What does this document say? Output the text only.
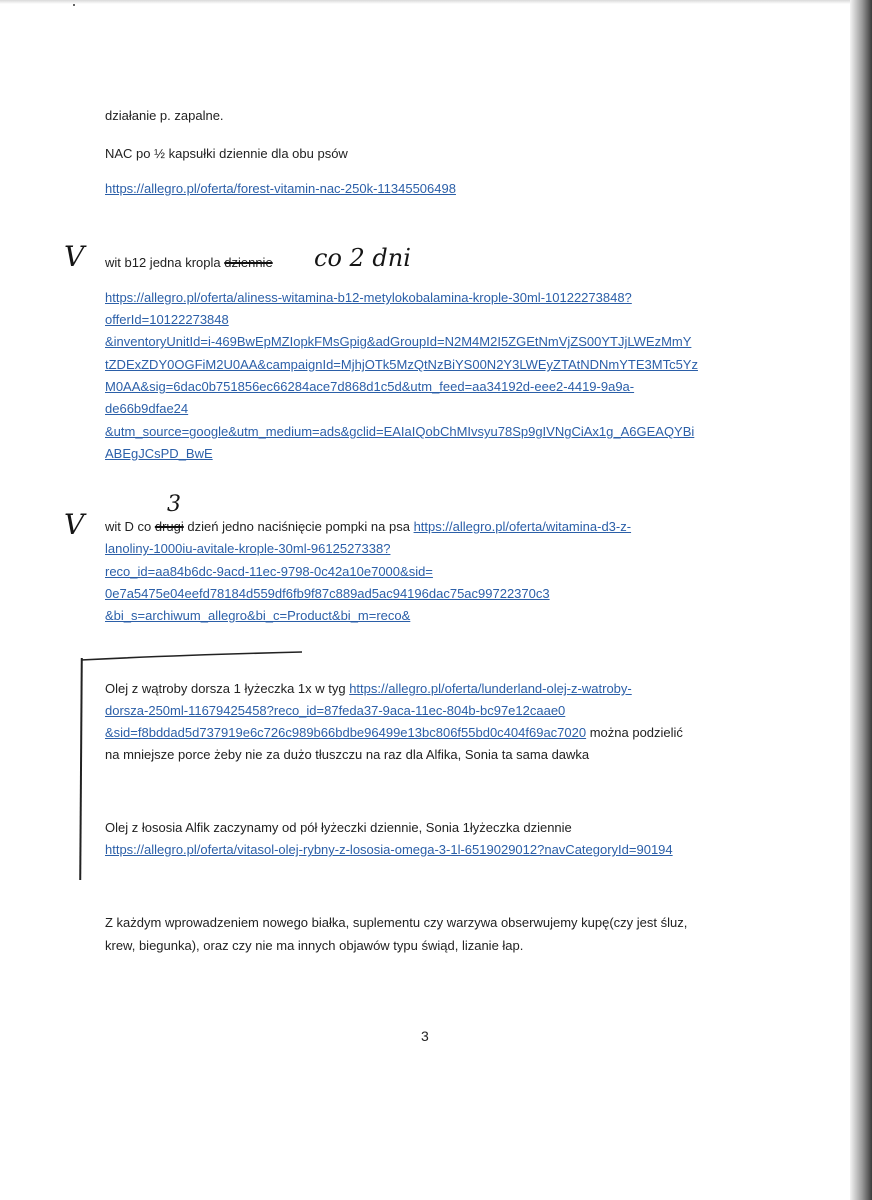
działanie p. zapalne.
NAC po ½ kapsułki dziennie dla obu psów
https://allegro.pl/oferta/forest-vitamin-nac-250k-11345506498
V wit b12 jedna kropla dziennie co 2 dni
https://allegro.pl/oferta/aliness-witamina-b12-metylokobalamina-krople-30ml-10122273848?
offerId=10122273848
&inventoryUnitId=i-469BwEpMZIopkFMsGpig&adGroupId=N2M4M2I5ZGEtNmVjZS00YTJjLWEzMmY
tZDExZDY0OGFiM2U0AA&campaignId=MjhjOTk5MzQtNzBiYS00N2Y3LWEyZTAtNDNmYTE3MTc5Yz
M0AA&sig=6dac0b751856ec66284ace7d868d1c5d&utm_feed=aa34192d-eee2-4419-9a9a-
de66b9dfae24
&utm_source=google&utm_medium=ads&gclid=EAIaIQobChMIvsyu78Sp9gIVNgCiAx1g_A6GEAQYBi
ABEgJCsPD_BwE
V
3
wit D co drugi dzień jedno naciśnięcie pompki na psa https://allegro.pl/oferta/witamina-d3-z-
lanoliny-1000iu-avitale-krople-30ml-9612527338?
reco_id=aa84b6dc-9acd-11ec-9798-0c42a10e7000&sid=
0e7a5475e04eefd78184d559df6fb9f87c889ad5ac94196dac75ac99722370c3
&bi_s=archiwum_allegro&bi_c=Product&bi_m=reco&
Olej z wątroby dorsza 1 łyżeczka 1x w tyg https://allegro.pl/oferta/lunderland-olej-z-watroby-
dorsza-250ml-11679425458?reco_id=87feda37-9aca-11ec-804b-bc97e12caae0
&sid=f8bddad5d737919e6c726c989b66bdbe96499e13bc806f55bd0c404f69ac7020 można podzielić
na mniejsze porce żeby nie za dużo tłuszczu na raz dla Alfika, Sonia ta sama dawka
Olej z łososia Alfik zaczynamy od pół łyżeczki dziennie, Sonia 1łyżeczka dziennie
https://allegro.pl/oferta/vitasol-olej-rybny-z-lososia-omega-3-1l-6519029012?navCategoryId=90194
Z każdym wprowadzeniem nowego białka, suplementu czy warzywa obserwujemy kupę(czy jest śluz,
krew, biegunka), oraz czy nie ma innych objawów typu świąd, lizanie łap.
3
